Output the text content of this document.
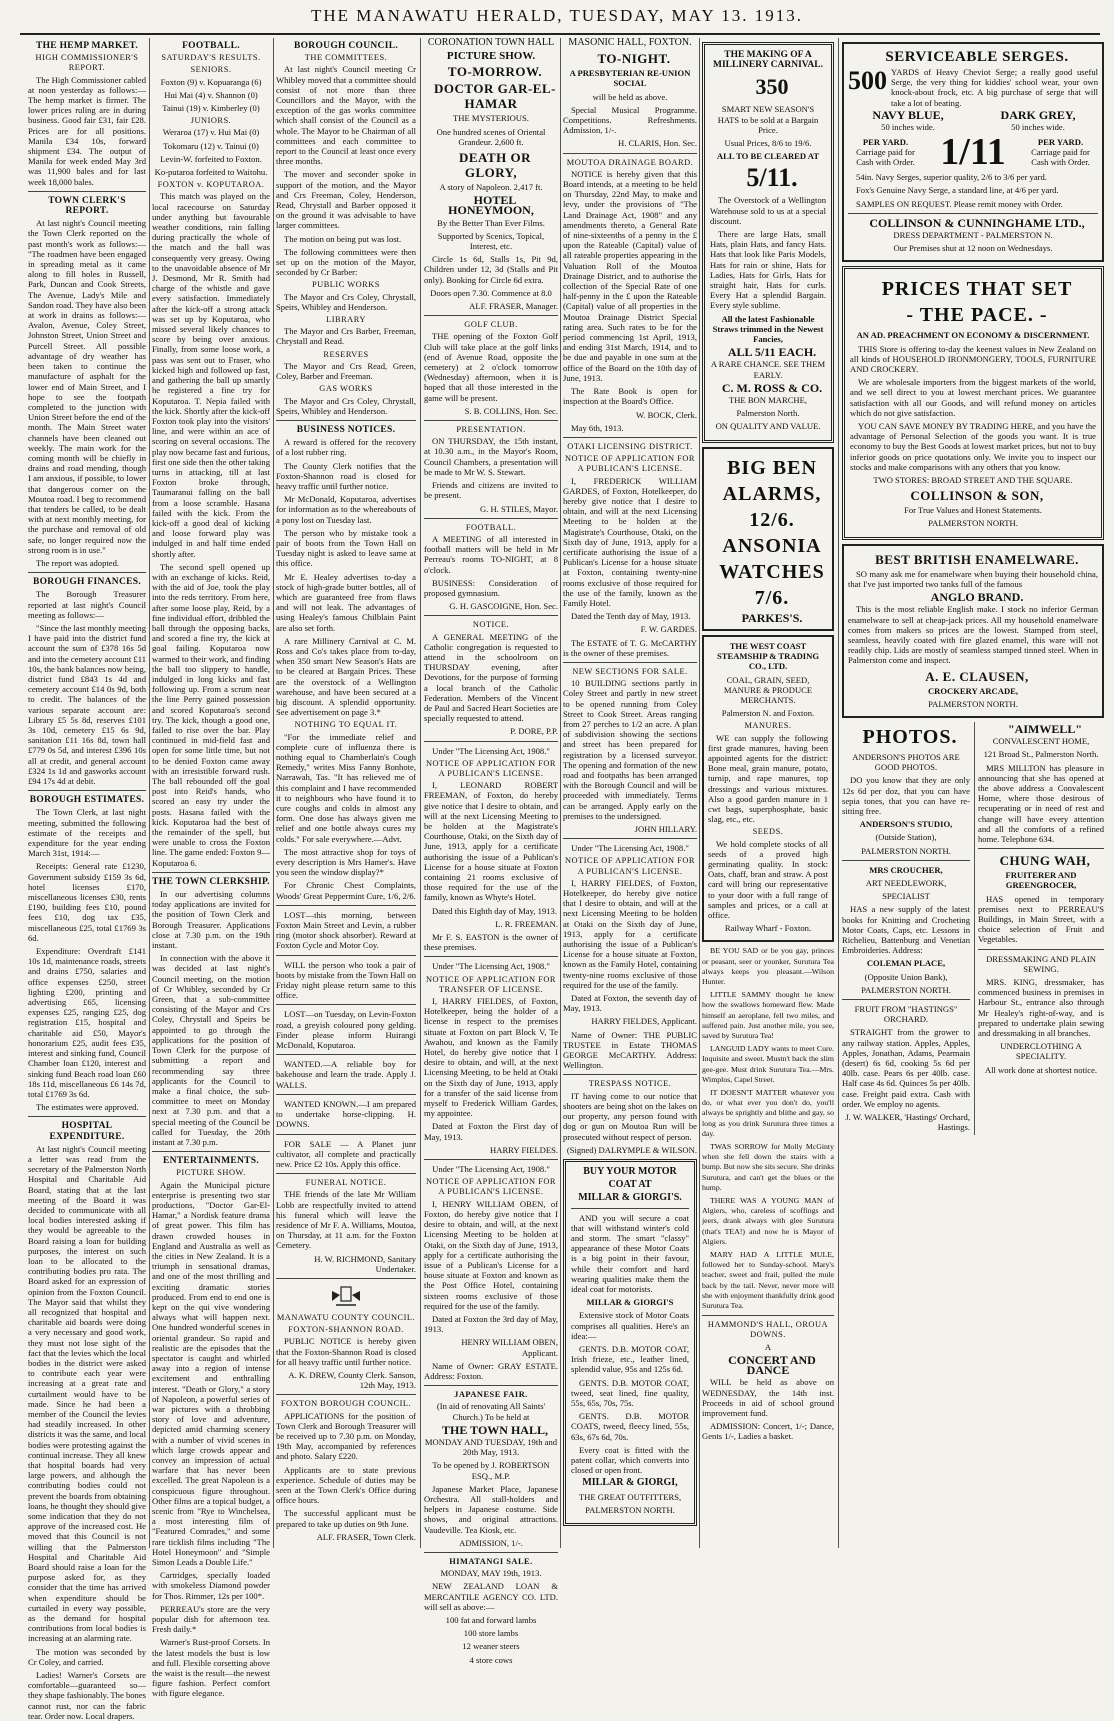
THE MANAWATU HERALD, TUESDAY, MAY 13. 1913.
THE HEMP MARKET.
HIGH COMMISSIONER'S REPORT.

The High Commissioner cabled at noon yesterday as follows:— The hemp market is firmer. The lower prices ruling are in during business. Good fair £31, fair £28. Prices are for all positions. Manila £34 10s, forward shipment £34. The output of Manila for week ended May 3rd was 11,900 bales and for last week 18,000 bales.

TOWN CLERK'S REPORT.

At last night's Council meeting the Town Clerk reported on the past month's work as follows:— "The roadmen have been engaged in spreading metal as it came along to fill holes in Russell, Park, Duncan and Cook Streets, The Avenue, Lady's Mile and Sandon road. They have also been at work in drains as follows:—Avalon, Avenue, Coley Street, Johnston Street, Union Street and Purcell Street. All possible advantage of dry weather has been taken to continue the manufacture of asphalt for the lower end of Main Street, and I hope to see the footpath completed to the junction with Union Street before the end of the month. The Main Street water channels have been cleaned out weekly. The main work for the coming month will be chiefly in drains and road mending, though I am anxious, if possible, to lower that dangerous corner on the Moutoa road. I beg to recommend that tenders be called, to be dealt with at next monthly meeting, for the purchase and removal of old safe, no longer required now the strong room is in use."

The report was adopted.

BOROUGH FINANCES.

The Borough Treasurer reported at last night's Council meeting as follows:—

"Since the last monthly meeting I have paid into the district fund account the sum of £378 16s 5d and into the cemetery account £11 10s, the bank balances now being, district fund £843 1s 4d and cemetery account £14 0s 9d, both to credit. The balances of the various separate account are: Library £5 5s 8d, reserves £101 3s 10d, cemetery £15 6s 9d, sanitation £11 16s 8d, town hall £779 0s 5d, and interest £396 10s all at credit, and general account £324 1s 1d and gasworks account £94 17s 4d at debit.

BOROUGH ESTIMATES.

The Town Clerk, at last night meeting, submitted the following estimate of the receipts and expenditure for the year ending March 31st, 1914:—

Receipts: General rate £1230, Government subsidy £159 3s 6d, hotel licenses £170, miscellaneous licenses £30, rents £190, building fees £10, pound fees £10, dog tax £35, miscellaneous £25, total £1769 3s 6d.

Expenditure: Overdraft £141 10s 1d, maintenance roads, streets and drains £750, salaries and office expenses £250, street lighting £200, printing and advertising £65, licensing expenses £25, ranging £25, dog registration £15, hospital and charitable aid £50, Mayor's honorarium £25, audit fees £35, interest and sinking fund, Council Chamber loan £120, interest and sinking fund Beach road loan £60 18s 11d, miscellaneous £6 14s 7d, total £1769 3s 6d.

The estimates were approved.

HOSPITAL EXPENDITURE.

At last night's Council meeting a letter was read from the secretary of the Palmerston North Hospital and Charitable Aid Board, stating that at the last meeting of the Board it was decided to communicate with all local bodies interested asking if they would be agreeable to the Board raising a loan for building purposes, the interest on such loan to be allocated to the contributing bodies pro rata. The Board asked for an expression of opinion from the Foxton Council. The Mayor said that whilst they all recognized that hospital and charitable aid boards were doing a very necessary and good work, they must not lose sight of the fact that the levies which the local bodies in the district were asked to contribute each year were increasing at a great rate and curtailment would have to be made. Since he had been a member of the Council the levies had steadily increased. In other districts it was the same, and local bodies were protesting against the continual increase. They all knew that hospital boards had very large powers, and although the contributing bodies could not prevent the boards from obtaining loans, he thought they should give some indication that they do not approve of the increased cost. He moved that this Council is not willing that the Palmerston Hospital and Charitable Aid Board should raise a loan for the purpose asked for, as they consider that the time has arrived when expenditure should be curtailed in every way possible, as the demand for hospital contributions from local bodies is increasing at an alarming rate.

The motion was seconded by Cr Coley, and carried.

Ladies! Warner's Corsets are comfortable—guaranteed so—they shape fashionably. The bones cannot rust, nor can the fabric tear. Order now. Local drapers.

FOOTBALL.
SATURDAY'S RESULTS.
SENIORS.

Foxton (9) v. Kopuaranga (6)

Hui Mai (4) v. Shannon (0)

Tainui (19) v. Kimberley (0)

JUNIORS.

Weraroa (17) v. Hui Mai (0)

Tokomaru (12) v. Tainui (0)

Levin-W. forfeited to Foxton.

Ko-putaroa forfeited to Waitohu.

FOXTON v. KOPUTAROA.

This match was played on the local racecourse on Saturday under anything but favourable weather conditions, rain falling during practically the whole of the match and the ball was consequently very greasy. Owing to the unavoidable absence of Mr J. Desmond, Mr R. Smith had charge of the whistle and gave every satisfaction. Immediately after the kick-off a strong attack was set up by Koputaroa, who missed several likely chances to score by being over anxious. Finally, from some loose work, a pass was sent out to Fraser, who kicked high and followed up fast, and gathering the ball up smartly he registered a fine try for Koputaroa. T. Nepia failed with the kick. Shortly after the kick-off Foxton took play into the visitors' line, and were within an ace of scoring on several occasions. The play now became fast and furious, first one side then the other taking turns in attacking, till at last Foxton broke through, Taumaranui falling on the ball from a loose scramble. Hasana failed with the kick. From the kick-off a good deal of kicking and loose forward play was indulged in and half time ended shortly after.

The second spell opened up with an exchange of kicks. Reid, with the aid of Joe, took the play into the reds territory. From here, after some loose play, Reid, by a fine individual effort, dribbled the ball through the opposing backs, and scored a fine try, the kick at goal failing. Koputaroa now warmed to their work, and finding the ball too slippery to handle, indulged in long kicks and fast following up. From a scrum near the line Perry gained possession and scored Koputaroa's second try. The kick, though a good one, failed to rise over the bar. Play continued in mid-field fast and open for some little time, but not to be denied Foxton came away with an irresistible forward rush. The ball rebounded off the goal post into Reid's hands, who scored an easy try under the posts. Hasana failed with the kick. Koputaroa had the best of the remainder of the spell, but were unable to cross the Foxton line. The game ended: Foxton 9—Koputaroa 6.

THE TOWN CLERKSHIP.

In our advertising columns today applications are invited for the position of Town Clerk and Borough Treasurer. Applications close at 7.30 p.m. on the 19th instant.

In connection with the above it was decided at last night's Council meeting, on the motion of Cr Whibley, seconded by Cr Green, that a sub-committee consisting of the Mayor and Crs Coley, Chrystall and Speirs be appointed to go through the applications for the position of Town Clerk for the purpose of submitting a report and recommending say three applicants for the Council to make a final choice, the sub-committee to meet on Monday next at 7.30 p.m. and that a special meeting of the Council be called for Tuesday, the 20th instant at 7.30 p.m.

ENTERTAINMENTS.
PICTURE SHOW.

Again the Municipal picture enterprise is presenting two star productions, "Doctor Gar-El-Hamar," a Nordisk feature drama of great power. This film has drawn crowded houses in England and Australia as well as the cities in New Zealand. It is a triumph in sensational dramas, and one of the most thrilling and exciting dramatic stories produced. From end to end one is kept on the qui vive wondering always what will happen next. One hundred wonderful scenes in oriental grandeur. So rapid and realistic are the episodes that the spectator is caught and whirled away into a region of intense excitement and enthralling interest. "Death or Glory," a story of Napoleon, a powerful series of war pictures with a throbbing story of love and adventure, depicted amid charming scenery with a number of vivid scenes in which large crowds appear and convey an impression of actual warfare that has never been excelled. The great Napoleon is a conspicuous figure throughout. Other films are a topical budget, a scenic from "Rye to Winchelsea, a most interesting film of "Featured Comrades," and some rare ticklish films including "The Hotel Honeymoon" and "Simple Simon Leads a Double Life."

Cartridges, specially loaded with smokeless Diamond powder for Thos. Rimmer, 12s per 100*.

PERREAU's store are the very popular dish for afternoon tea. Fresh daily.*

Warner's Rust-proof Corsets. In the latest models the bust is low and full. Flexible corsetting above the waist is the result—the newest figure fashion. Perfect comfort with figure elegance.

BOROUGH COUNCIL.
THE COMMITTEES.

At last night's Council meeting Cr Whibley moved that a committee should consist of not more than three Councillors and the Mayor, with the exception of the gas works committee which shall consist of the Council as a whole. The Mayor to be Chairman of all committees and each committee to report to the Council at least once every three months.

The mover and seconder spoke in support of the motion, and the Mayor and Crs Freeman, Coley, Henderson, Read, Chrystall and Barber opposed it on the ground it was advisable to have larger committees.

The motion on being put was lost.

The following committees were then set up on the motion of the Mayor, seconded by Cr Barber:

PUBLIC WORKS

The Mayor and Crs Coley, Chrystall, Speirs, Whibley and Henderson.

LIBRARY

The Mayor and Crs Barber, Freeman, Chrystall and Read.

RESERVES

The Mayor and Crs Read, Green, Coley, Barber and Freeman.

GAS WORKS

The Mayor and Crs Coley, Chrystall, Speirs, Whibley and Henderson.

BUSINESS NOTICES.

A reward is offered for the recovery of a lost rubber ring.

The County Clerk notifies that the Foxton-Shannon road is closed for heavy traffic until further notice.

Mr McDonald, Koputaroa, advertises for information as to the whereabouts of a pony lost on Tuesday last.

The person who by mistake took a pair of boots from the Town Hall on Tuesday night is asked to leave same at this office.

Mr E. Healey advertises to-day a stock of high-grade butter bottles, all of which are guaranteed free from flaws and will not leak. The advantages of using Healey's famous Chilblain Paint are also set forth.

A rare Millinery Carnival at C. M. Ross and Co's takes place from to-day, when 350 smart New Season's Hats are to be cleared at Bargain Prices. These are the overstock of a Wellington warehouse, and have been secured at a big discount. A splendid opportunity. See advertisement on page 3.*

NOTHING TO EQUAL IT.

"For the immediate relief and complete cure of influenza there is nothing equal to Chamberlain's Cough Remedy," writes Miss Fanny Bonhote, Narrawah, Tas. "It has relieved me of this complaint and I have recommended it to neighbours who have found it to cure coughs and colds in almost any form. One dose has always given me relief and one bottle always cures my colds." For sale everywhere.—Advt.

The most attractive shop for toys of every description is Mrs Hamer's. Have you seen the window display?*

For Chronic Chest Complaints, Woods' Great Peppermint Cure, 1/6, 2/6.

LOST—this morning, between Foxton Main Street and Levin, a rubber ring (motor shock absorber). Reward at Foxton Cycle and Motor Coy.

WILL the person who took a pair of boots by mistake from the Town Hall on Friday night please return same to this office.

LOST—on Tuesday, on Levin-Foxton road, a greyish coloured pony gelding. Finder please inform Huirangi McDonald, Koputaroa.

WANTED.—A reliable boy for bakehouse and learn the trade. Apply J. WALLS.

WANTED KNOWN.—I am prepared to undertake horse-clipping. H. DOWNS.

FOR SALE — A Planet junr cultivator, all complete and practically new. Price £2 10s. Apply this office.

FUNERAL NOTICE.

THE friends of the late Mr William Lobb are respectfully invited to attend his funeral which will leave the residence of Mr F. A. Williams, Moutoa, on Thursday, at 11 a.m. for the Foxton Cemetery.

H. W. RICHMOND, Sanitary Undertaker.

MANAWATU COUNTY COUNCIL.
FOXTON-SHANNON ROAD.

PUBLIC NOTICE is hereby given that the Foxton-Shannon Road is closed for all heavy traffic until further notice.

A. K. DREW, County Clerk. Sanson, 12th May, 1913.

FOXTON BOROUGH COUNCIL.

APPLICATIONS for the position of Town Clerk and Borough Treasurer will be received up to 7.30 p.m. on Monday, 19th May, accompanied by references and photo. Salary £220.

Applicants are to state previous experience. Schedule of duties may be seen at the Town Clerk's Office during office hours.

The successful applicant must be prepared to take up duties on 9th June.

ALF. FRASER, Town Clerk.

CORONATION TOWN HALL

PICTURE SHOW.

TO-MORROW.

DOCTOR GAR-EL-HAMAR

THE MYSTERIOUS.

One hundred scenes of Oriental Grandeur. 2,600 ft.

DEATH OR GLORY,

A story of Napoleon. 2,417 ft.

HOTEL HONEYMOON,

By the Better Than Ever Films.

Supported by Scenics, Topical, Interest, etc.

Circle 1s 6d, Stalls 1s, Pit 9d, Children under 12, 3d (Stalls and Pit only). Booking for Circle 6d extra.

Doors open 7.30. Commence at 8.0

ALF. FRASER, Manager.

GOLF CLUB.

THE opening of the Foxton Golf Club will take place at the golf links (end of Avenue Road, opposite the cemetery) at 2 o'clock tomorrow (Wednesday) afternoon, when it is hoped that all those interested in the game will be present.

S. B. COLLINS, Hon. Sec.

PRESENTATION.

ON THURSDAY, the 15th instant, at 10.30 a.m., in the Mayor's Room, Council Chambers, a presentation will be made to Mr W. S. Stewart.

Friends and citizens are invited to be present.

G. H. STILES, Mayor.

FOOTBALL.

A MEETING of all interested in football matters will be held in Mr Perreau's rooms TO-NIGHT, at 8 o'clock.

BUSINESS: Consideration of proposed gymnasium.

G. H. GASCOIGNE, Hon. Sec.

NOTICE.

A GENERAL MEETING of the Catholic congregation is requested to attend in the schoolroom on THURSDAY evening, after Devotions, for the purpose of forming a local branch of the Catholic Federation. Members of the Vincent de Paul and Sacred Heart Societies are specially requested to attend.

P. DORE, P.P.

Under "The Licensing Act, 1908."

NOTICE OF APPLICATION FOR A PUBLICAN'S LICENSE.

I, LEONARD ROBERT FREEMAN, of Foxton, do hereby give notice that I desire to obtain, and will at the next Licensing Meeting to be holden at the Magistrate's Courthouse, Otaki, on the Sixth day of June, 1913, apply for a certificate authorising the issue of a Publican's License for a house situate at Foxton containing 21 rooms exclusive of those required for the use of the family, known as Whyte's Hotel.

Dated this Eighth day of May, 1913.

L. R. FREEMAN.

Mr F. S. EASTON is the owner of these premises.

Under "The Licensing Act, 1908."

NOTICE OF APPLICATION FOR TRANSFER OF LICENSE.

I, HARRY FIELDES, of Foxton, Hotelkeeper, being the holder of a license in respect to the premises situate at Foxton on part Block V, Te Awahou, and known as the Family Hotel, do hereby give notice that I desire to obtain, and will, at the next Licensing Meeting, to be held at Otaki on the Sixth day of June, 1913, apply for a transfer of the said license from myself to Frederick William Gardes, my appointee.

Dated at Foxton the First day of May, 1913.

HARRY FIELDES.

Under "The Licensing Act, 1908."

NOTICE OF APPLICATION FOR A PUBLICAN'S LICENSE.

I, HENRY WILLIAM OBEN, of Foxton, do hereby give notice that I desire to obtain, and will, at the next Licensing Meeting to be holden at Otaki, on the Sixth day of June, 1913, apply for a certificate authorising the issue of a Publican's License for a house situate at Foxton and known as the Post Office Hotel, containing sixteen rooms exclusive of those required for the use of the family.

Dated at Foxton the 3rd day of May, 1913.

HENRY WILLIAM OBEN, Applicant.

Name of Owner: GRAY ESTATE. Address: Foxton.

JAPANESE FAIR.

(In aid of renovating All Saints' Church.) To be held at

THE TOWN HALL,

MONDAY AND TUESDAY, 19th and 20th May, 1913.

To be opened by J. ROBERTSON ESQ., M.P.

Japanese Market Place, Japanese Orchestra. All stall-holders and helpers in Japanese costume. Side shows, and original attractions. Vaudeville. Tea Kiosk, etc.

ADMISSION, 1/-.

HIMATANGI SALE.

MONDAY, MAY 19th, 1913.

NEW ZEALAND LOAN & MERCANTILE AGENCY CO. LTD. will sell as above:—

100 fat and forward lambs

100 store lambs

12 weaner steers

4 store cows

MASONIC HALL, FOXTON.

TO-NIGHT.

A PRESBYTERIAN RE-UNION SOCIAL

will be held as above.

Special Musical Programme. Competitions. Refreshments. Admission, 1/-.

H. CLARIS, Hon. Sec.

MOUTOA DRAINAGE BOARD.

NOTICE is hereby given that this Board intends, at a meeting to be held on Thursday, 22nd May, to make and levy, under the provisions of "The Land Drainage Act, 1908" and any amendments thereto, a General Rate of nine-sixteenths of a penny in the £ upon the Rateable (Capital) value of all rateable properties appearing in the Valuation Roll of the Moutoa Drainage District, and to authorise the collection of the Special Rate of one half-penny in the £ upon the Rateable (Capital) value of all properties in the Moutoa Drainage District Special rating area. Such rates to be for the period commencing 1st April, 1913, and ending 31st March, 1914, and to be due and payable in one sum at the office of the Board on the 10th day of June, 1913.

The Rate Book is open for inspection at the Board's Office.

W. BOCK, Clerk.

May 6th, 1913.

OTAKI LICENSING DISTRICT.
NOTICE OF APPLICATION FOR A PUBLICAN'S LICENSE.

I, FREDERICK WILLIAM GARDES, of Foxton, Hotelkeeper, do hereby give notice that I desire to obtain, and will at the next Licensing Meeting to be holden at the Magistrate's Courthouse, Otaki, on the Sixth day of June, 1913, apply for a certificate authorising the issue of a Publican's License for a house situate at Foxton, containing twenty-nine rooms exclusive of those required for the use of the family, known as the Family Hotel.

Dated the Tenth day of May, 1913.

F. W. GARDES.

The ESTATE of T. G. McCARTHY is the owner of these premises.

NEW SECTIONS FOR SALE.

10 BUILDING sections partly in Coley Street and partly in new street to be opened running from Coley Street to Cook Street. Areas ranging from 27 perches to 1/2 an acre. A plan of subdivision showing the sections and street has been prepared for registration by a licensed surveyor. The opening and formation of the new road and footpaths has been arranged with the Borough Council and will be proceeded with immediately. Terms can be arranged. Apply early on the premises to the undersigned.

JOHN HILLARY.

Under "The Licensing Act, 1908."

NOTICE OF APPLICATION FOR A PUBLICAN'S LICENSE.

I, HARRY FIELDES, of Foxton, Hotelkeeper, do hereby give notice that I desire to obtain, and will at the next Licensing Meeting to be holden at Otaki on the Sixth day of June, 1913, apply for a certificate authorising the issue of a Publican's License for a house situate at Foxton, known as the Family Hotel, containing twenty-nine rooms exclusive of those required for the use of the family.

Dated at Foxton, the seventh day of May, 1913.

HARRY FIELDES, Applicant.

Name of Owner: THE PUBLIC TRUSTEE in Estate THOMAS GEORGE McCARTHY. Address: Wellington.

TRESPASS NOTICE.

IT having come to our notice that shooters are being shot on the lakes on our property, any person found with dog or gun on Moutoa Run will be prosecuted without respect of person.

(Signed) DALRYMPLE & WILSON.

BUY YOUR MOTOR

COAT AT

MILLAR & GIORGI'S.

AND you will secure a coat that will withstand winter's cold and storm. The smart "classy" appearance of these Motor Coats is a big point in their favour, while their comfort and hard wearing qualities make them the ideal coat for motorists.

MILLAR & GIORGI'S

Extensive stock of Motor Coats comprises all qualities. Here's an idea:—

GENTS. D.B. MOTOR COAT, Irish frieze, etc., leather lined, splendid value, 95s and 125s 6d.

GENTS. D.B. MOTOR COAT, tweed, seat lined, fine quality, 55s, 65s, 70s, 75s.

GENTS. D.B. MOTOR COATS, tweed, fleecy lined, 55s, 63s, 67s 6d, 70s.

Every coat is fitted with the patent collar, which converts into closed or open front.

MILLAR & GIORGI,

THE GREAT OUTFITTERS,

PALMERSTON NORTH.

THE MAKING OF A MILLINERY CARNIVAL.

350

SMART NEW SEASON'S HATS to be sold at a Bargain Price.

Usual Prices, 8/6 to 19/6.

ALL TO BE CLEARED AT

5/11.

The Overstock of a Wellington Warehouse sold to us at a special discount.

There are large Hats, small Hats, plain Hats, and fancy Hats. Hats that look like Paris Models, Hats for rain or shine, Hats for Ladies, Hats for Girls, Hats for straight hair, Hats for curls. Every Hat a splendid Bargain. Every style sublime.

All the latest Fashionable Straws trimmed in the Newest Fancies,

ALL 5/11 EACH.

A RARE CHANCE. SEE THEM EARLY.

C. M. ROSS & CO.

THE BON MARCHE,

Palmerston North.

ON QUALITY AND VALUE.

BIG BEN

ALARMS,

12/6.

ANSONIA

WATCHES

7/6.

PARKES'S.

THE WEST COAST STEAMSHIP & TRADING CO., LTD.

COAL, GRAIN, SEED, MANURE & PRODUCE MERCHANTS.

Palmerston N. and Foxton.

MANURES.

WE can supply the following first grade manures, having been appointed agents for the district: Bone meal, grain manure, potato, turnip, and rape manures, top dressings and various mixtures. Also a good garden manure in 1 cwt bags, superphosphate, basic slag, etc., etc.

SEEDS.

We hold complete stocks of all seeds of a proved high germinating quality. In stock: Oats, chaff, bran and straw. A post card will bring our representative to your door with a full range of samples and prices, or a call at office.

Railway Wharf - Foxton.

BE YOU SAD or be you gay, princes or peasant, seer or younker, Surutura Tea always keeps you pleasant.—Wilson Hunter.

LITTLE SAMMY thought he knew how the swallows homeward flew. Made himself an aeroplane, fell two miles, and suffered pain. Just another mile, you see, saved by Surutura Tea!

LANGUID LADY wants to meet Cure. Inquisite and sweet. Mustn't back the slim gee-gee. Must drink Surutura Tea.—Mrs. Wimplos, Capel Street.

IT DOESN'T MATTER whatever you do, or what ever you don't do, you'll always be sprightly and blithe and gay, so long as you drink Surutura three times a day.

TWAS SORROW for Molly McGinty when she fell down the stairs with a bump. But now she sits secure. She drinks Surutura, and can't get the blues or the hump.

THERE WAS A YOUNG MAN of Algiers, who, careless of scoffings and jeers, drank always with glee Surutura (that's TEA!) and now he is Mayor of Algiers.

MARY HAD A LITTLE MULE, followed her to Sunday-school. Mary's teacher, sweet and frail, pulled the mule back by the tail. Never, never more will she with enjoyment thankfully drink good Surutura Tea.

HAMMOND'S HALL, OROUA DOWNS.

A

CONCERT AND DANCE

WILL be held as above on WEDNESDAY, the 14th inst. Proceeds in aid of school ground improvement fund.

ADMISSION: Concert, 1/-; Dance, Gents 1/-, Ladies a basket.

SERVICEABLE SERGES.

500 YARDS of Heavy Cheviot Serge; a really good useful Serge, the very thing for kiddies' school wear, your own knock-about frock, etc. A big purchase of serge that will take a lot of beating.
NAVY BLUE,	DARK GREY,
50 inches wide.	50 inches wide.
PER YARD.
Carriage paid for Cash with Order. 1/11	PER YARD.
Carriage paid for Cash with Order.

54in. Navy Serges, superior quality, 2/6 to 3/6 per yard.

Fox's Genuine Navy Serge, a standard line, at 4/6 per yard.

SAMPLES ON REQUEST. Please remit money with Order.

COLLINSON & CUNNINGHAME LTD.,

DRESS DEPARTMENT - PALMERSTON N.

Our Premises shut at 12 noon on Wednesdays.

PRICES THAT SET

- THE PACE. -

AN AD. PREACHMENT ON ECONOMY & DISCERNMENT.

THIS Store is offering to-day the keenest values in New Zealand on all kinds of HOUSEHOLD IRONMONGERY, TOOLS, FURNITURE AND CROCKERY.

We are wholesale importers from the biggest markets of the world, and we sell direct to you at lowest merchant prices. We guarantee satisfaction with all our Goods, and will refund money on articles which do not give satisfaction.

YOU CAN SAVE MONEY BY TRADING HERE, and you have the advantage of Personal Selection of the goods you want. It is true economy to buy the Best Goods at lowest market prices, but not to buy inferior goods on price quotations only. We invite you to inspect our stocks and make comparisons with any others that you know.

TWO STORES: BROAD STREET AND THE SQUARE.

COLLINSON & SON,

For True Values and Honest Statements.

PALMERSTON NORTH.

BEST BRITISH ENAMELWARE.

SO many ask me for enamelware when buying their household china, that I've just imported two tanks full of the famous

ANGLO BRAND.

This is the most reliable English make. I stock no inferior German enamelware to sell at cheap-jack prices. All my household enamelware comes from makers so prices are the lowest. Stamped from steel, seamless, heavily coated with fire glazed enamel, this ware will not readily chip. Lids are mostly of seamless stamped tinned steel. When in Palmerston come and inspect.

A. E. CLAUSEN,

CROCKERY ARCADE,

PALMERSTON NORTH.

PHOTOS.

ANDERSON'S PHOTOS ARE GOOD PHOTOS.

DO you know that they are only 12s 6d per doz, that you can have sepia tones, that you can have re-sitting free.

ANDERSON'S STUDIO,

(Outside Station),

PALMERSTON NORTH.

MRS CROUCHER,

ART NEEDLEWORK,

SPECIALIST

HAS a new supply of the latest books for Knitting and Crocheting Motor Coats, Caps, etc. Lessons in Richelieu, Battenburg and Venetian Embroideries. Address:

COLEMAN PLACE,

(Opposite Union Bank),

PALMERSTON NORTH.

FRUIT FROM "HASTINGS" ORCHARD.

STRAIGHT from the grower to any railway station. Apples, Apples, Apples, Jonathan, Adams, Pearmain (desert) 6s 6d, cooking 5s 6d per 40lb. case. Pears 6s per 40lb. case. Half case 4s 6d. Quinces 5s per 40lb. case. Freight paid extra. Cash with order. We employ no agents.

J. W. WALKER, 'Hastings' Orchard, Hastings.

"AIMWELL"

CONVALESCENT HOME,

121 Broad St., Palmerston North.

MRS MILLTON has pleasure in announcing that she has opened at the above address a Convalescent Home, where those desirous of recuperating or in need of rest and change will have every attention and all the comforts of a refined home. Telephone 634.

CHUNG WAH,

FRUITERER AND GREENGROCER,

HAS opened in temporary premises next to PERREAU'S Buildings, in Main Street, with a choice selection of Fruit and Vegetables.

DRESSMAKING AND PLAIN SEWING.

MRS. KING, dressmaker, has commenced business in premises in Harbour St., entrance also through Mr Healey's right-of-way, and is prepared to undertake plain sewing and dressmaking in all branches.

UNDERCLOTHING A SPECIALITY.

All work done at shortest notice.
